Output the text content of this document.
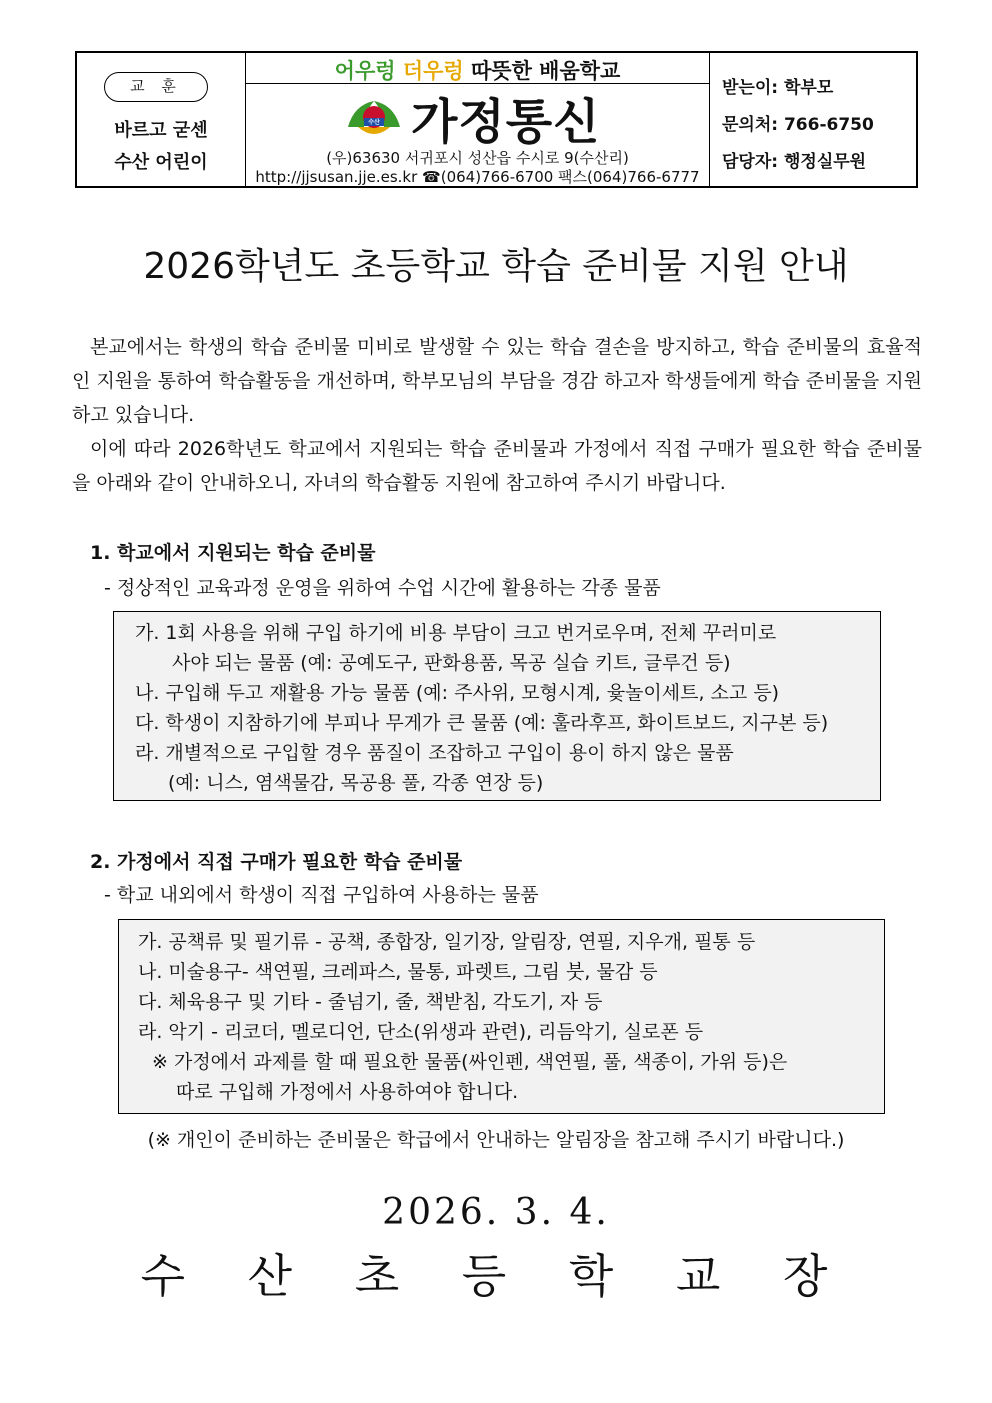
교 훈
바르고 굳센
수산 어린이
어우렁 더우렁 따뜻한 배움학교
수산 가정통신
(우)63630 서귀포시 성산읍 수시로 9(수산리)
http://jjsusan.jje.es.kr ☎(064)766-6700 팩스(064)766-6777
받는이: 학부모
문의처: 766-6750
담당자: 행정실무원
2026학년도 초등학교 학습 준비물 지원 안내
본교에서는 학생의 학습 준비물 미비로 발생할 수 있는 학습 결손을 방지하고, 학습 준비물의 효율적인 지원을 통하여 학습활동을 개선하며, 학부모님의 부담을 경감 하고자 학생들에게 학습 준비물을 지원하고 있습니다.
이에 따라 2026학년도 학교에서 지원되는 학습 준비물과 가정에서 직접 구매가 필요한 학습 준비물을 아래와 같이 안내하오니, 자녀의 학습활동 지원에 참고하여 주시기 바랍니다.
1. 학교에서 지원되는 학습 준비물
- 정상적인 교육과정 운영을 위하여 수업 시간에 활용하는 각종 물품
가. 1회 사용을 위해 구입 하기에 비용 부담이 크고 번거로우며, 전체 꾸러미로
사야 되는 물품 (예: 공예도구, 판화용품, 목공 실습 키트, 글루건 등)
나. 구입해 두고 재활용 가능 물품 (예: 주사위, 모형시계, 윷놀이세트, 소고 등)
다. 학생이 지참하기에 부피나 무게가 큰 물품 (예: 훌라후프, 화이트보드, 지구본 등)
라. 개별적으로 구입할 경우 품질이 조잡하고 구입이 용이 하지 않은 물품
(예: 니스, 염색물감, 목공용 풀, 각종 연장 등)
2. 가정에서 직접 구매가 필요한 학습 준비물
- 학교 내외에서 학생이 직접 구입하여 사용하는 물품
가. 공책류 및 필기류 - 공책, 종합장, 일기장, 알림장, 연필, 지우개, 필통 등
나. 미술용구- 색연필, 크레파스, 물통, 파렛트, 그림 붓, 물감 등
다. 체육용구 및 기타 - 줄넘기, 줄, 책받침, 각도기, 자 등
라. 악기 - 리코더, 멜로디언, 단소(위생과 관련), 리듬악기, 실로폰 등
※ 가정에서 과제를 할 때 필요한 물품(싸인펜, 색연필, 풀, 색종이, 가위 등)은
따로 구입해 가정에서 사용하여야 합니다.
(※ 개인이 준비하는 준비물은 학급에서 안내하는 알림장을 참고해 주시기 바랍니다.)
2026. 3. 4.
수 산 초 등 학 교 장
